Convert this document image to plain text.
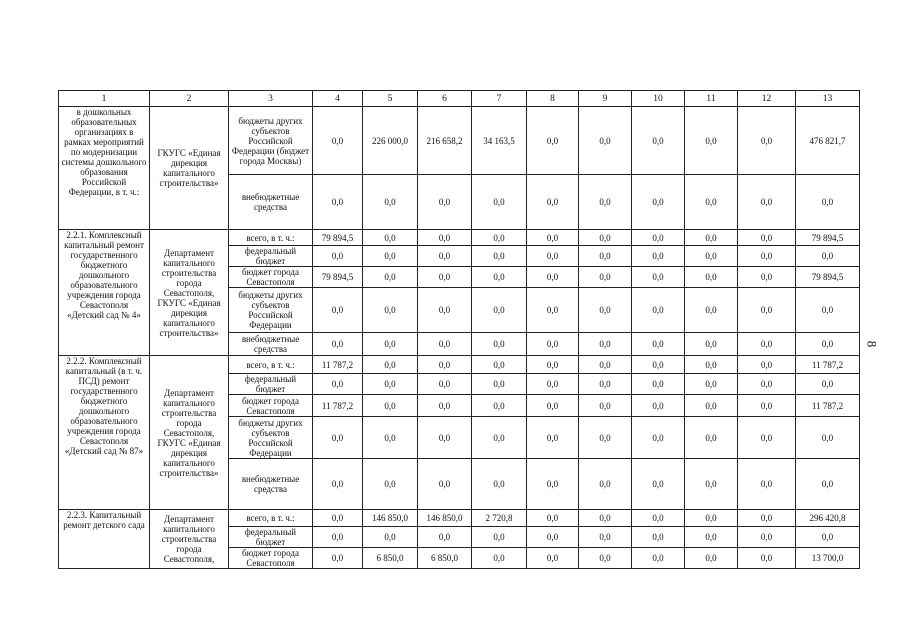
1	2	3	4	5	6	7	8	9	10	11	12	13
в дошкольных образовательных организациях в рамках мероприятий по модернизации системы дошкольного образования Российской Федерации, в т. ч.:	ГКУГС «Единая дирекция капитального строительства»	бюджеты других субъектов Российской Федерации (бюджет города Москвы)	0,0	226 000,0	216 658,2	34 163,5	0,0	0,0	0,0	0,0	0,0	476 821,7
		внебюджетные средства	0,0	0,0	0,0	0,0	0,0	0,0	0,0	0,0	0,0	0,0
2.2.1. Комплексный капитальный ремонт государственного бюджетного дошкольного образовательного учреждения города Севастополя «Детский сад № 4»	Департамент капитального строительства города Севастополя, ГКУГС «Единая дирекция капитального строительства»	всего, в т. ч.:	79 894,5	0,0	0,0	0,0	0,0	0,0	0,0	0,0	0,0	79 894,5
		федеральный бюджет	0,0	0,0	0,0	0,0	0,0	0,0	0,0	0,0	0,0	0,0
		бюджет города Севастополя	79 894,5	0,0	0,0	0,0	0,0	0,0	0,0	0,0	0,0	79 894,5
		бюджеты других субъектов Российской Федерации	0,0	0,0	0,0	0,0	0,0	0,0	0,0	0,0	0,0	0,0
		внебюджетные средства	0,0	0,0	0,0	0,0	0,0	0,0	0,0	0,0	0,0	0,0
2.2.2. Комплексный капитальный (в т. ч. ПСД) ремонт государственного бюджетного дошкольного образовательного учреждения города Севастополя «Детский сад № 87»	Департамент капитального строительства города Севастополя, ГКУГС «Единая дирекция капитального строительства»	всего, в т. ч.:	11 787,2	0,0	0,0	0,0	0,0	0,0	0,0	0,0	0,0	11 787,2
		федеральный бюджет	0,0	0,0	0,0	0,0	0,0	0,0	0,0	0,0	0,0	0,0
		бюджет города Севастополя	11 787,2	0,0	0,0	0,0	0,0	0,0	0,0	0,0	0,0	11 787,2
		бюджеты других субъектов Российской Федерации	0,0	0,0	0,0	0,0	0,0	0,0	0,0	0,0	0,0	0,0
		внебюджетные средства	0,0	0,0	0,0	0,0	0,0	0,0	0,0	0,0	0,0	0,0
2.2.3. Капитальный ремонт детского сада	Департамент капитального строительства города Севастополя,	всего, в т. ч.:	0,0	146 850,0	146 850,0	2 720,8	0,0	0,0	0,0	0,0	0,0	296 420,8
		федеральный бюджет	0,0	0,0	0,0	0,0	0,0	0,0	0,0	0,0	0,0	0,0
		бюджет города Севастополя	0,0	6 850,0	6 850,0	0,0	0,0	0,0	0,0	0,0	0,0	13 700,0
8
